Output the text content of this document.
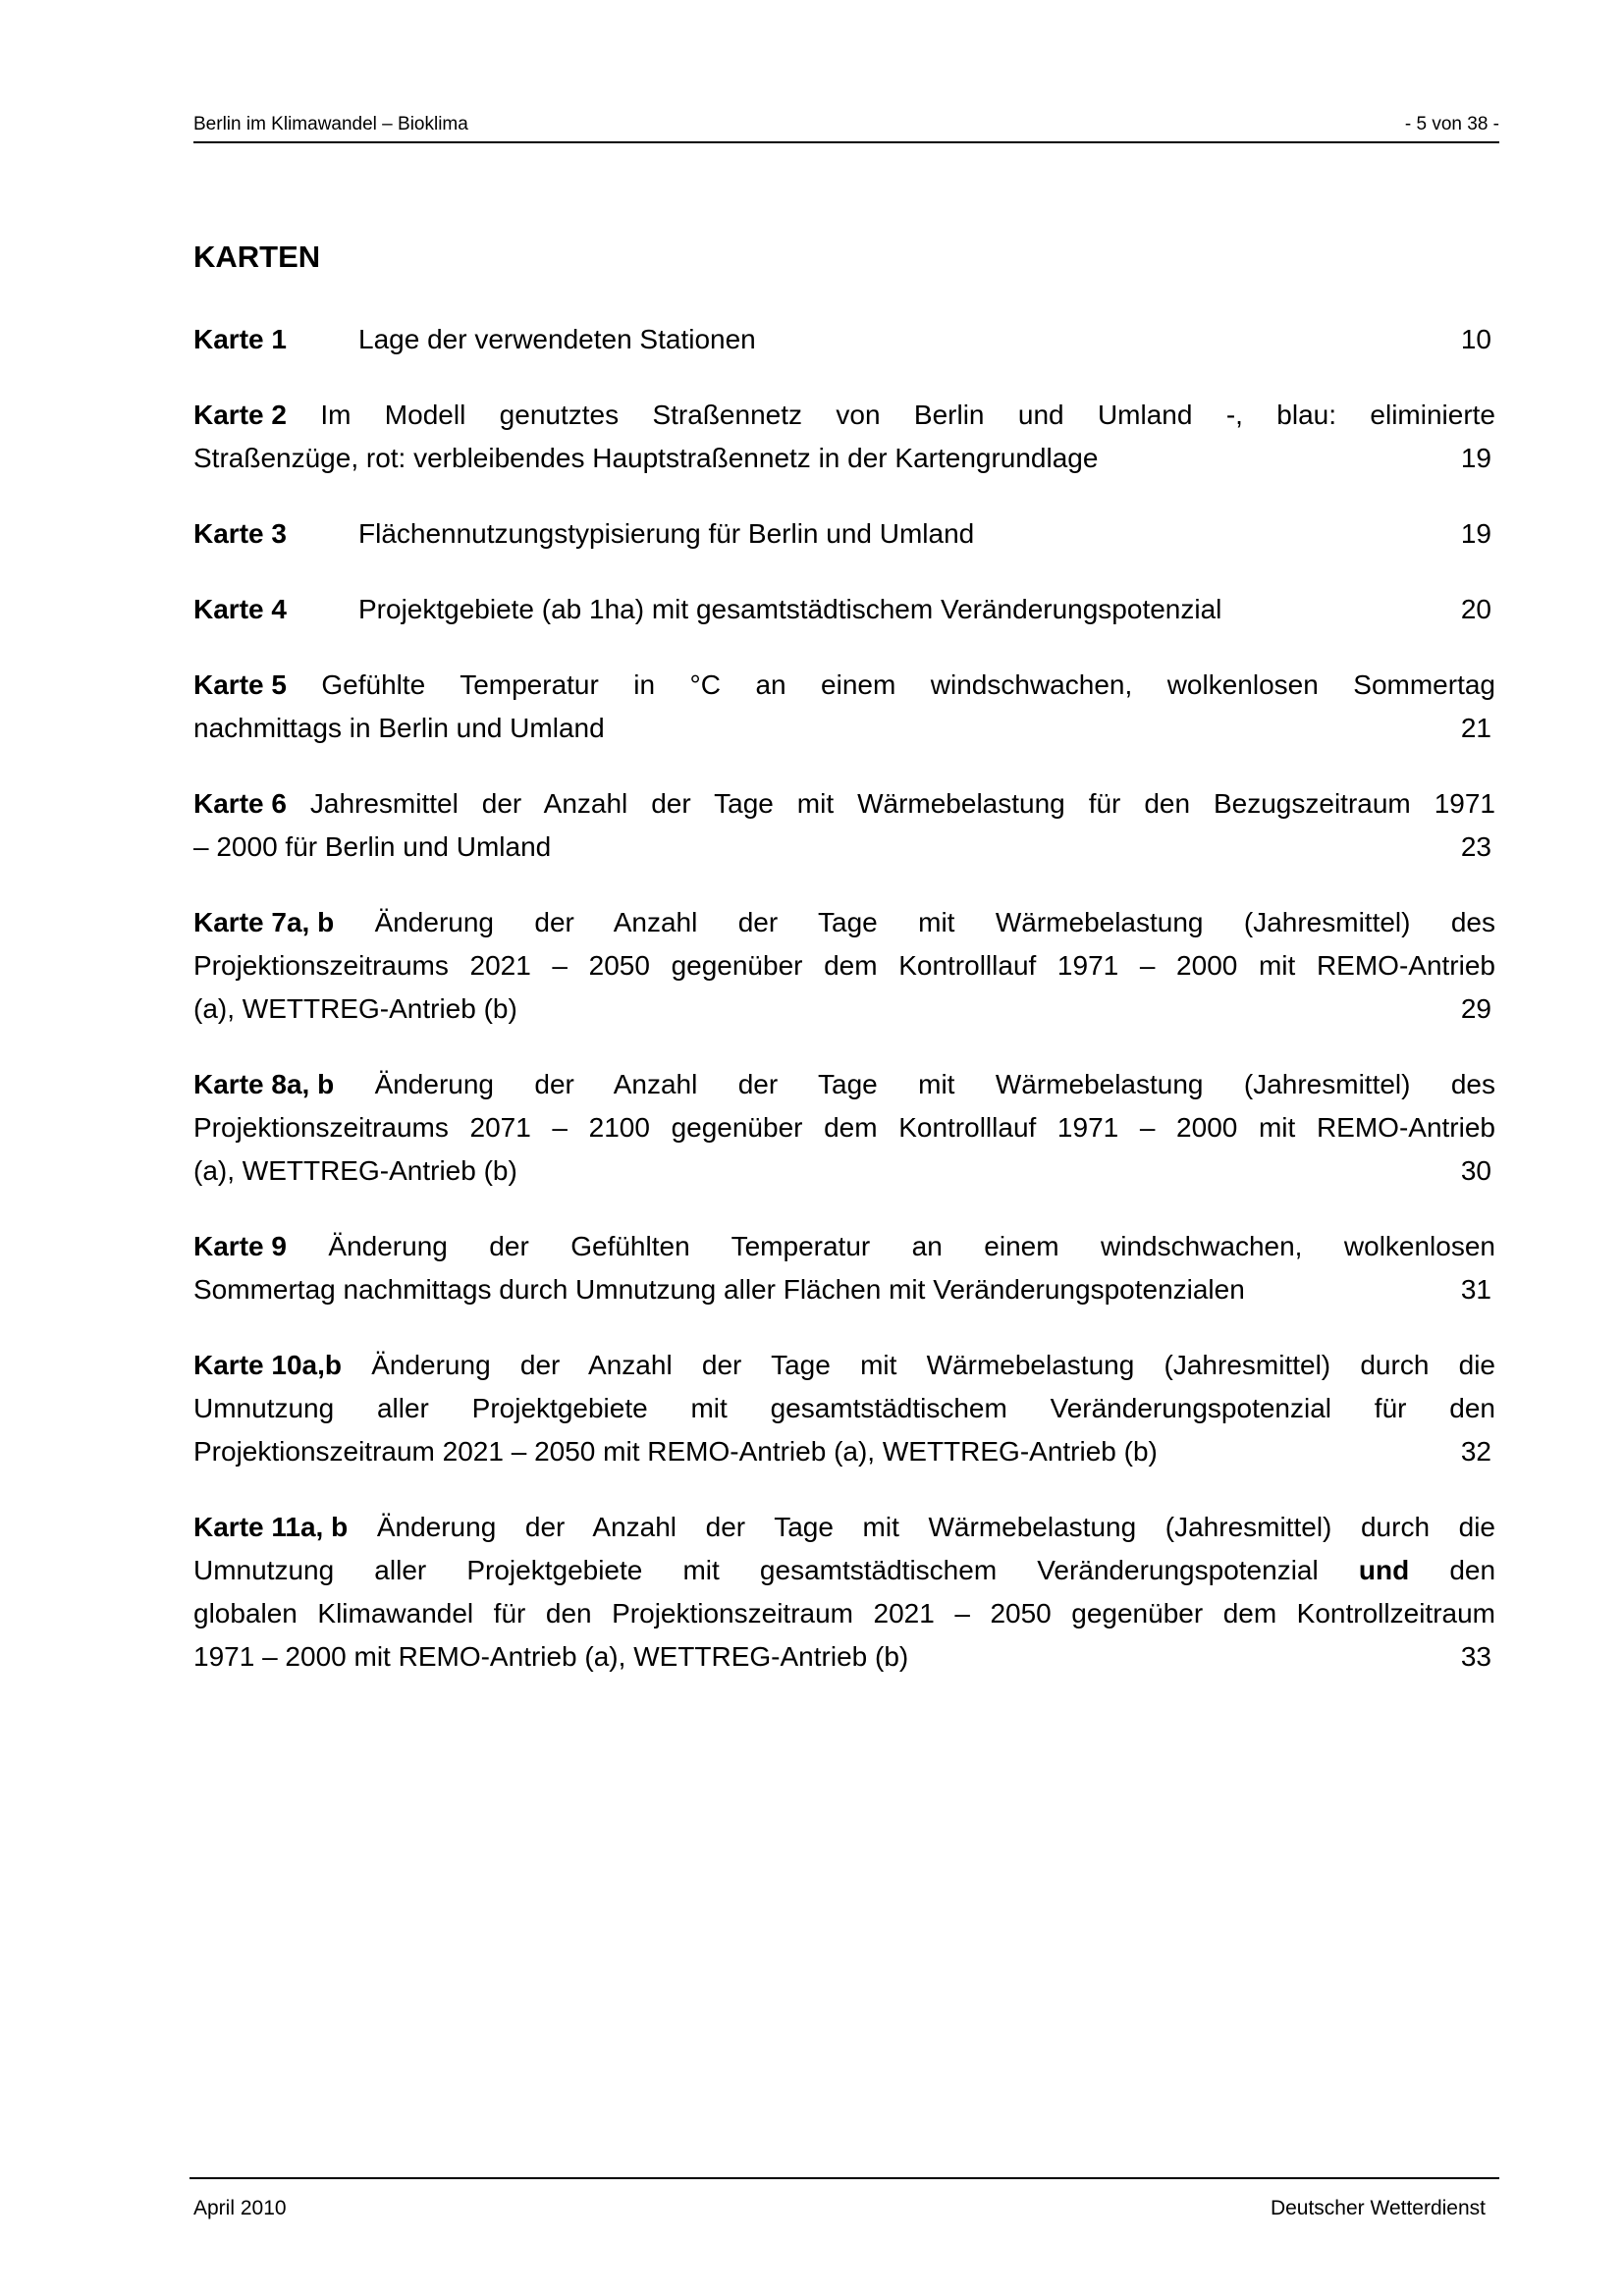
Berlin im Klimawandel – Bioklima	- 5 von 38 -
KARTEN
Karte 1	Lage der verwendeten Stationen	10
Karte 2 Im Modell genutztes Straßennetz von Berlin und Umland -, blau: eliminierte
Straßenzüge, rot: verbleibendes Hauptstraßennetz in der Kartengrundlage	19
Karte 3	Flächennutzungstypisierung für Berlin und Umland	19
Karte 4	Projektgebiete (ab 1ha) mit gesamtstädtischem Veränderungspotenzial	20
Karte 5 Gefühlte Temperatur in °C an einem windschwachen, wolkenlosen Sommertag
nachmittags in Berlin und Umland	21
Karte 6 Jahresmittel der Anzahl der Tage mit Wärmebelastung für den Bezugszeitraum 1971
– 2000 für Berlin und Umland	23
Karte 7a, b Änderung der Anzahl der Tage mit Wärmebelastung (Jahresmittel) des
Projektionszeitraums 2021 – 2050 gegenüber dem Kontrolllauf 1971 – 2000 mit REMO-Antrieb
(a), WETTREG-Antrieb (b)	29
Karte 8a, b Änderung der Anzahl der Tage mit Wärmebelastung (Jahresmittel) des
Projektionszeitraums 2071 – 2100 gegenüber dem Kontrolllauf 1971 – 2000 mit REMO-Antrieb
(a), WETTREG-Antrieb (b)	30
Karte 9 Änderung der Gefühlten Temperatur an einem windschwachen, wolkenlosen
Sommertag nachmittags durch Umnutzung aller Flächen mit Veränderungspotenzialen	31
Karte 10a,b Änderung der Anzahl der Tage mit Wärmebelastung (Jahresmittel) durch die
Umnutzung aller Projektgebiete mit gesamtstädtischem Veränderungspotenzial für den
Projektionszeitraum 2021 – 2050 mit REMO-Antrieb (a), WETTREG-Antrieb (b)	32
Karte 11a, b Änderung der Anzahl der Tage mit Wärmebelastung (Jahresmittel) durch die
Umnutzung aller Projektgebiete mit gesamtstädtischem Veränderungspotenzial und den
globalen Klimawandel für den Projektionszeitraum 2021 – 2050 gegenüber dem Kontrollzeitraum
1971 – 2000 mit REMO-Antrieb (a), WETTREG-Antrieb (b)	33
April 2010	Deutscher Wetterdienst
